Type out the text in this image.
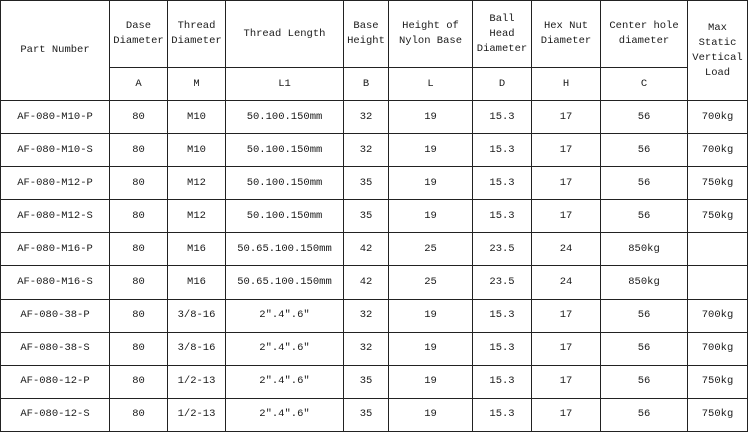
Part Number	Dase Diameter	Thread Diameter	Thread Length	Base Height	Height of Nylon Base	Ball Head Diameter	Hex Nut Diameter	Center hole diameter	Max Static Vertical Load
	A	M	L1	B	L	D	H	C	
AF-080-M10-P	80	M10	50.100.150mm	32	19	15.3	17	56	700kg
AF-080-M10-S	80	M10	50.100.150mm	32	19	15.3	17	56	700kg
AF-080-M12-P	80	M12	50.100.150mm	35	19	15.3	17	56	750kg
AF-080-M12-S	80	M12	50.100.150mm	35	19	15.3	17	56	750kg
AF-080-M16-P	80	M16	50.65.100.150mm	42	25	23.5	24	850kg	
AF-080-M16-S	80	M16	50.65.100.150mm	42	25	23.5	24	850kg	
AF-080-38-P	80	3/8-16	2″.4″.6″	32	19	15.3	17	56	700kg
AF-080-38-S	80	3/8-16	2″.4″.6″	32	19	15.3	17	56	700kg
AF-080-12-P	80	1/2-13	2″.4″.6″	35	19	15.3	17	56	750kg
AF-080-12-S	80	1/2-13	2″.4″.6″	35	19	15.3	17	56	750kg
